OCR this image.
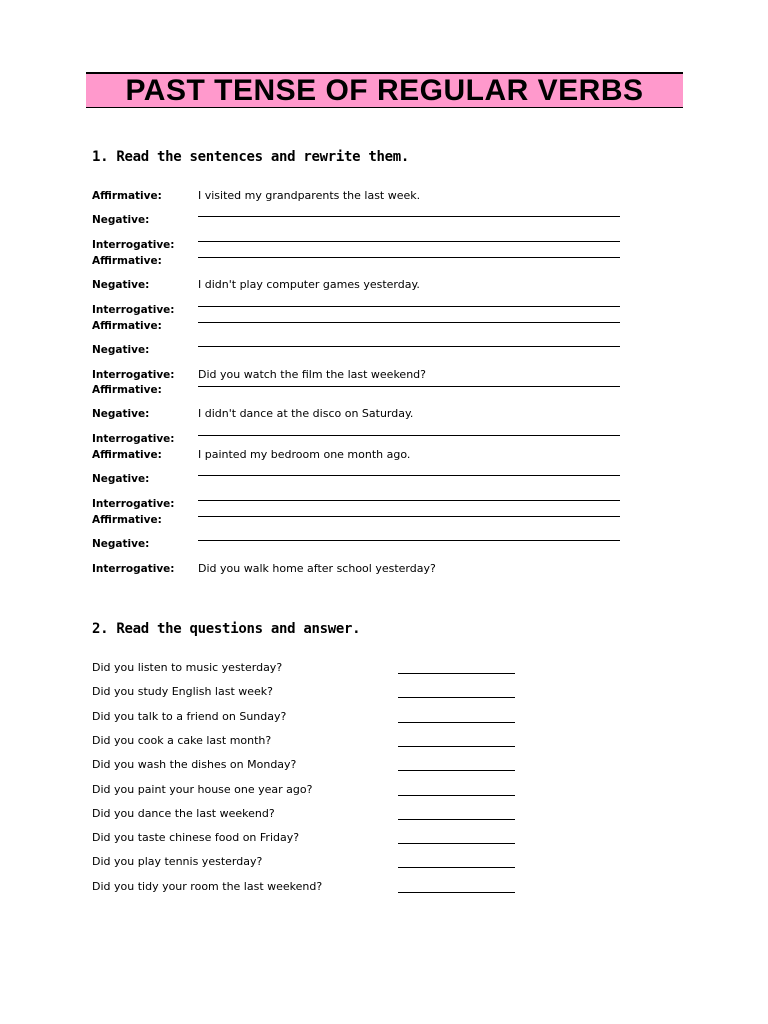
PAST TENSE OF REGULAR VERBS
1. Read the sentences and rewrite them.
Affirmative:	I visited my grandparents the last week.
Negative:
Interrogative:
Affirmative:
Negative:	I didn't play computer games yesterday.
Interrogative:
Affirmative:
Negative:
Interrogative: Did you watch the film the last weekend?
Affirmative:
Negative:	I didn't dance at the disco on Saturday.
Interrogative:
Affirmative:	I painted my bedroom one month ago.
Negative:
Interrogative:
Affirmative:
Negative:
Interrogative: Did you walk home after school yesterday?
2. Read the questions and answer.
Did you listen to music yesterday?
Did you study English last week?
Did you talk to a friend on Sunday?
Did you cook a cake last month?
Did you wash the dishes on Monday?
Did you paint your house one year ago?
Did you dance the last weekend?
Did you taste chinese food on Friday?
Did you play tennis yesterday?
Did you tidy your room the last weekend?
